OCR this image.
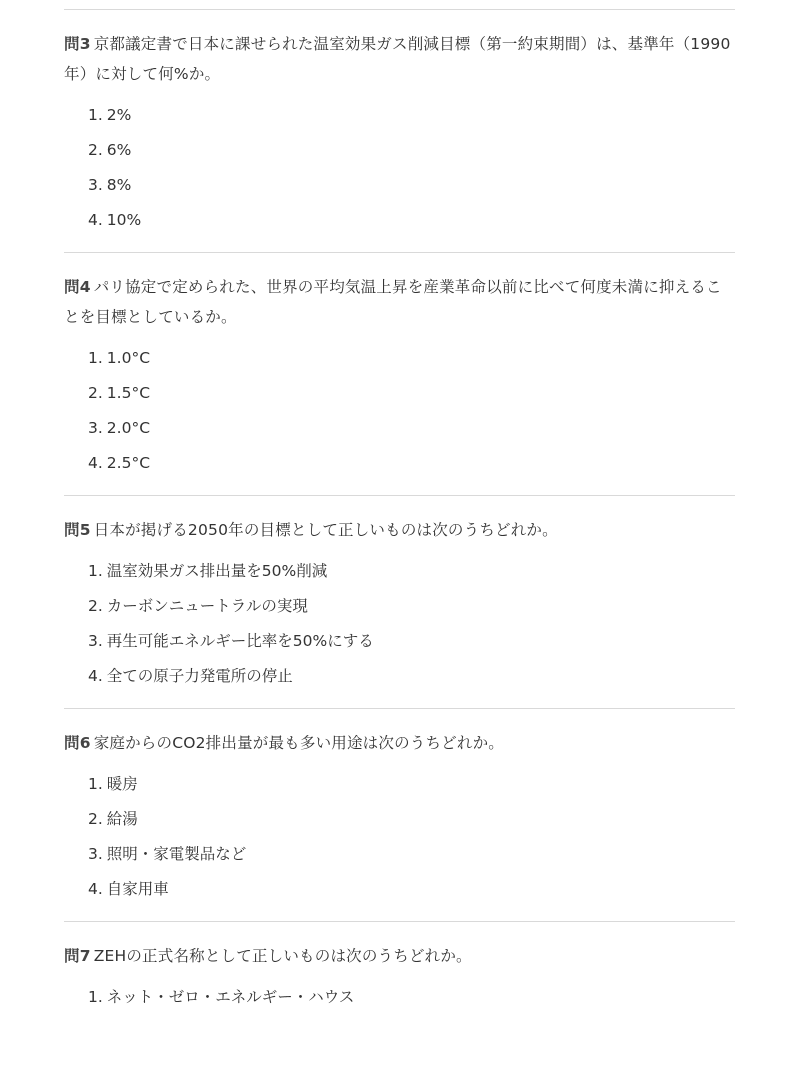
問3 京都議定書で日本に課せられた温室効果ガス削減目標（第一約束期間）は、基準年（1990年）に対して何%か。

1. 2%
2. 6%
3. 8%
4. 10%

問4 パリ協定で定められた、世界の平均気温上昇を産業革命以前に比べて何度未満に抑えることを目標としているか。

1. 1.0°C
2. 1.5°C
3. 2.0°C
4. 2.5°C

問5 日本が掲げる2050年の目標として正しいものは次のうちどれか。

1. 温室効果ガス排出量を50%削減
2. カーボンニュートラルの実現
3. 再生可能エネルギー比率を50%にする
4. 全ての原子力発電所の停止

問6 家庭からのCO2排出量が最も多い用途は次のうちどれか。

1. 暖房
2. 給湯
3. 照明・家電製品など
4. 自家用車

問7 ZEHの正式名称として正しいものは次のうちどれか。

1. ネット・ゼロ・エネルギー・ハウス
